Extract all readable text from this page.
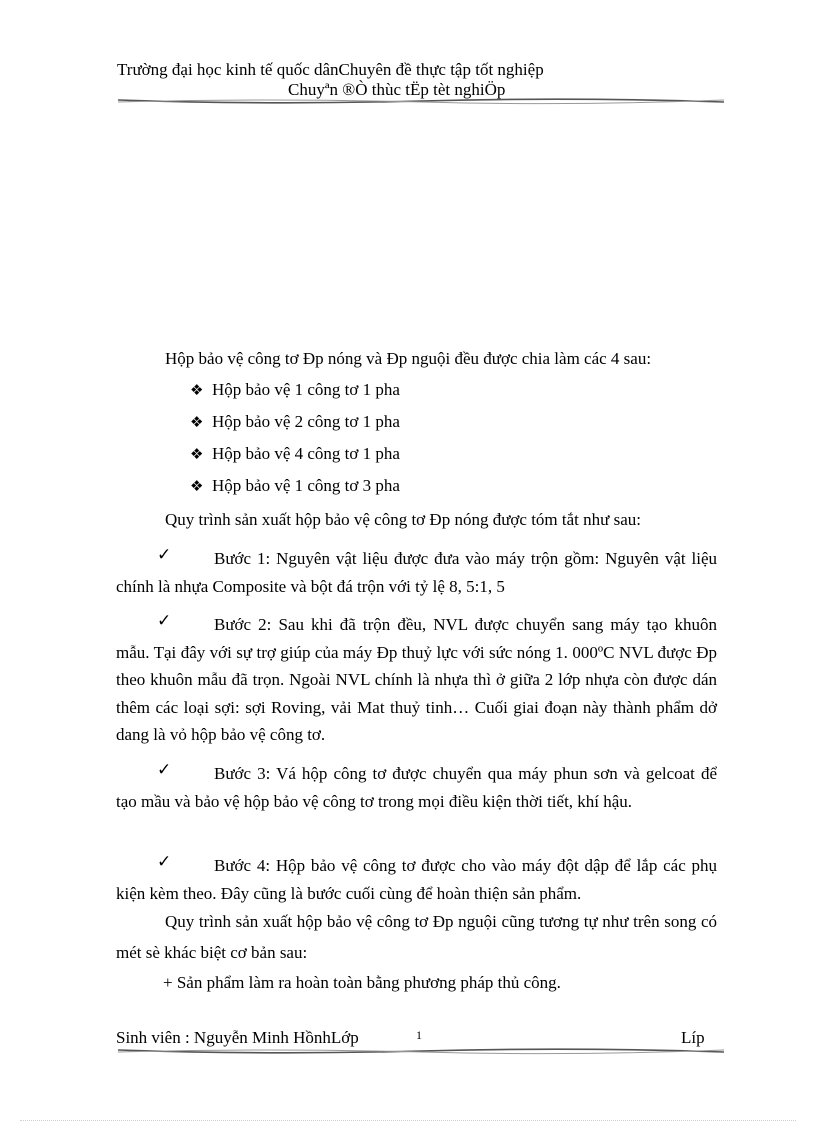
Trường đại học kinh tế quốc dânChuyên đề thực tập tốt nghiệp
Chuyªn ®Ò thùc tËp tèt nghiÖp
Hộp bảo vệ công tơ Đp nóng và Đp nguội đều được chia làm các 4 sau:
❖ Hộp bảo vệ 1 công tơ 1 pha
❖ Hộp bảo vệ 2 công tơ 1 pha
❖ Hộp bảo vệ 4 công tơ 1 pha
❖ Hộp bảo vệ 1 công tơ 3 pha
Quy trình sản xuất hộp bảo vệ công tơ Đp nóng được tóm tắt như sau:
✓	Bước 1: Nguyên vật liệu được đưa vào máy trộn gồm: Nguyên vật liệu chính là nhựa Composite và bột đá trộn với tỷ lệ 8, 5:1, 5
✓	Bước 2: Sau khi đã trộn đều, NVL được chuyển sang máy tạo khuôn mẫu. Tại đây với sự trợ giúp của máy Đp thuỷ lực với sức nóng 1. 000ºC NVL được Đp theo khuôn mẫu đã trọn. Ngoài NVL chính là nhựa thì ở giữa 2 lớp nhựa còn được dán thêm các loại sợi: sợi Roving, vải Mat thuỷ tinh… Cuối giai đoạn này thành phẩm dở dang là vỏ hộp bảo vệ công tơ.
✓	Bước 3: Vá hộp công tơ được chuyển qua máy phun sơn và gelcoat để tạo mầu và bảo vệ hộp bảo vệ công tơ trong mọi điều kiện thời tiết, khí hậu.
✓	Bước 4: Hộp bảo vệ công tơ được cho vào máy đột dập để lắp các phụ kiện kèm theo. Đây cũng là bước cuối cùng để hoàn thiện sản phẩm.
Quy trình sản xuất hộp bảo vệ công tơ Đp nguội cũng tương tự như trên song có mét sè khác biệt cơ bản sau:
+ Sản phẩm làm ra hoàn toàn bằng phương pháp thủ công.
Sinh viên : Nguyễn Minh HồnhLớp	1	Líp
